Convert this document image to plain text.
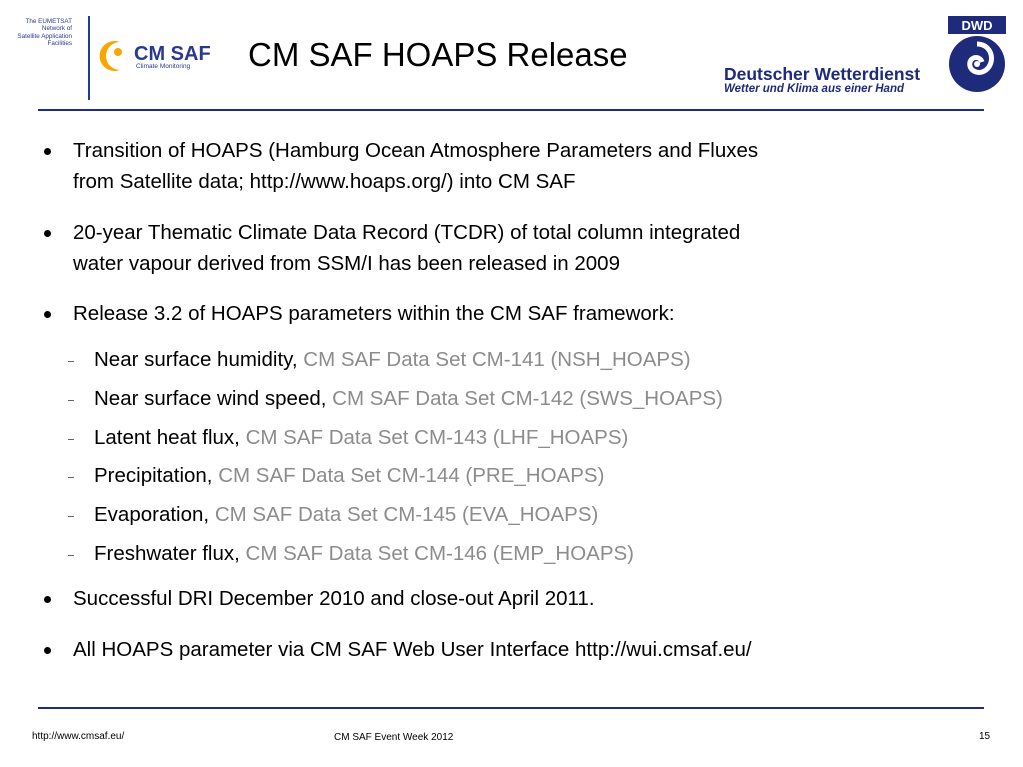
The EUMETSAT
Network of
Satellite Application
Facilities	CM SAF
Climate Monitoring CM SAF HOAPS Release
DWD
Deutscher Wetterdienst
Wetter und Klima aus einer Hand
Transition of HOAPS (Hamburg Ocean Atmosphere Parameters and Fluxes
from Satellite data; http://www.hoaps.org/) into CM SAF
20-year Thematic Climate Data Record (TCDR) of total column integrated
water vapour derived from SSM/I has been released in 2009
Release 3.2 of HOAPS parameters within the CM SAF framework:
Near surface humidity, CM SAF Data Set CM-141 (NSH_HOAPS)
Near surface wind speed, CM SAF Data Set CM-142 (SWS_HOAPS)
Latent heat flux, CM SAF Data Set CM-143 (LHF_HOAPS)
Precipitation, CM SAF Data Set CM-144 (PRE_HOAPS)
Evaporation, CM SAF Data Set CM-145 (EVA_HOAPS)
Freshwater flux, CM SAF Data Set CM-146 (EMP_HOAPS)
Successful DRI December 2010 and close-out April 2011.
All HOAPS parameter via CM SAF Web User Interface http://wui.cmsaf.eu/
http://www.cmsaf.eu/	CM SAF Event Week 2012	15
